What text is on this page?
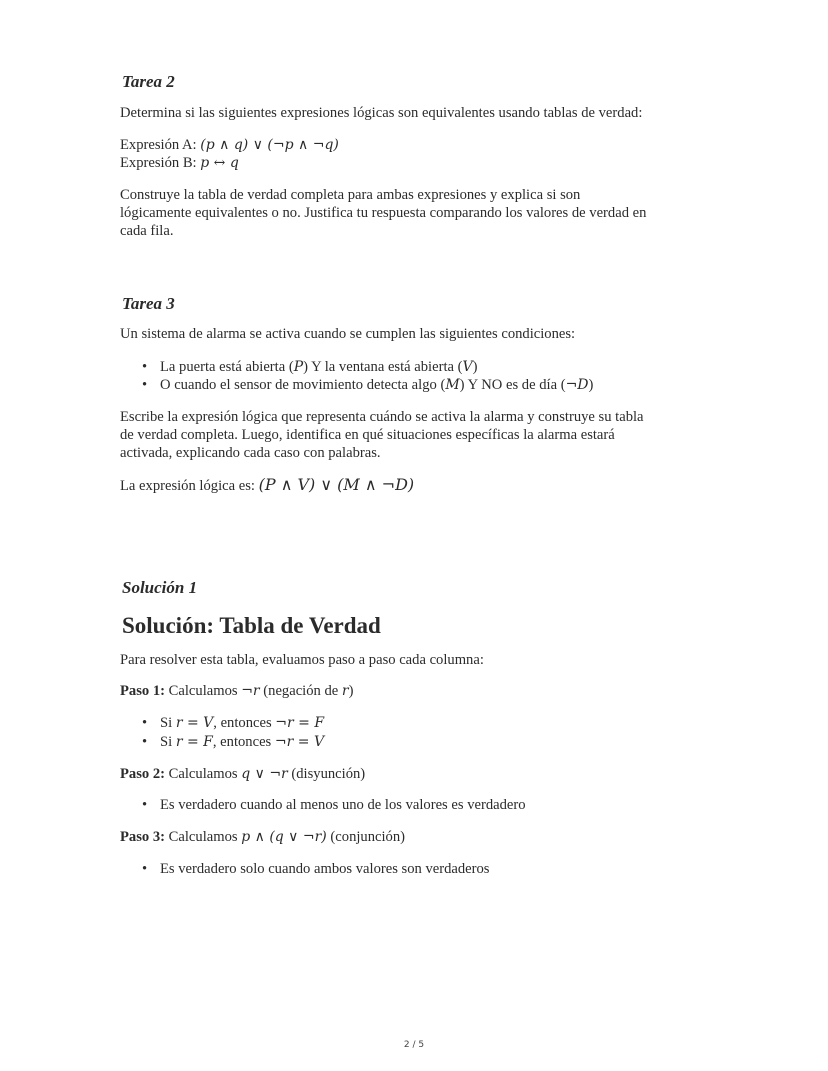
Tarea 2
Determina si las siguientes expresiones lógicas son equivalentes usando tablas de verdad:
Expresión A: (p ∧ q) ∨ (¬p ∧ ¬q)
Expresión B: p ↔ q
Construye la tabla de verdad completa para ambas expresiones y explica si son
lógicamente equivalentes o no. Justifica tu respuesta comparando los valores de verdad en
cada fila.
Tarea 3
Un sistema de alarma se activa cuando se cumplen las siguientes condiciones:
• La puerta está abierta (P) Y la ventana está abierta (V)
• O cuando el sensor de movimiento detecta algo (M) Y NO es de día (¬D)
Escribe la expresión lógica que representa cuándo se activa la alarma y construye su tabla
de verdad completa. Luego, identifica en qué situaciones específicas la alarma estará
activada, explicando cada caso con palabras.
La expresión lógica es: (P ∧ V) ∨ (M ∧ ¬D)
Solución 1
Solución: Tabla de Verdad
Para resolver esta tabla, evaluamos paso a paso cada columna:
Paso 1: Calculamos ¬r (negación de r)
• Si r = V, entonces ¬r = F
• Si r = F, entonces ¬r = V
Paso 2: Calculamos q ∨ ¬r (disyunción)
• Es verdadero cuando al menos uno de los valores es verdadero
Paso 3: Calculamos p ∧ (q ∨ ¬r) (conjunción)
• Es verdadero solo cuando ambos valores son verdaderos
2 / 5
